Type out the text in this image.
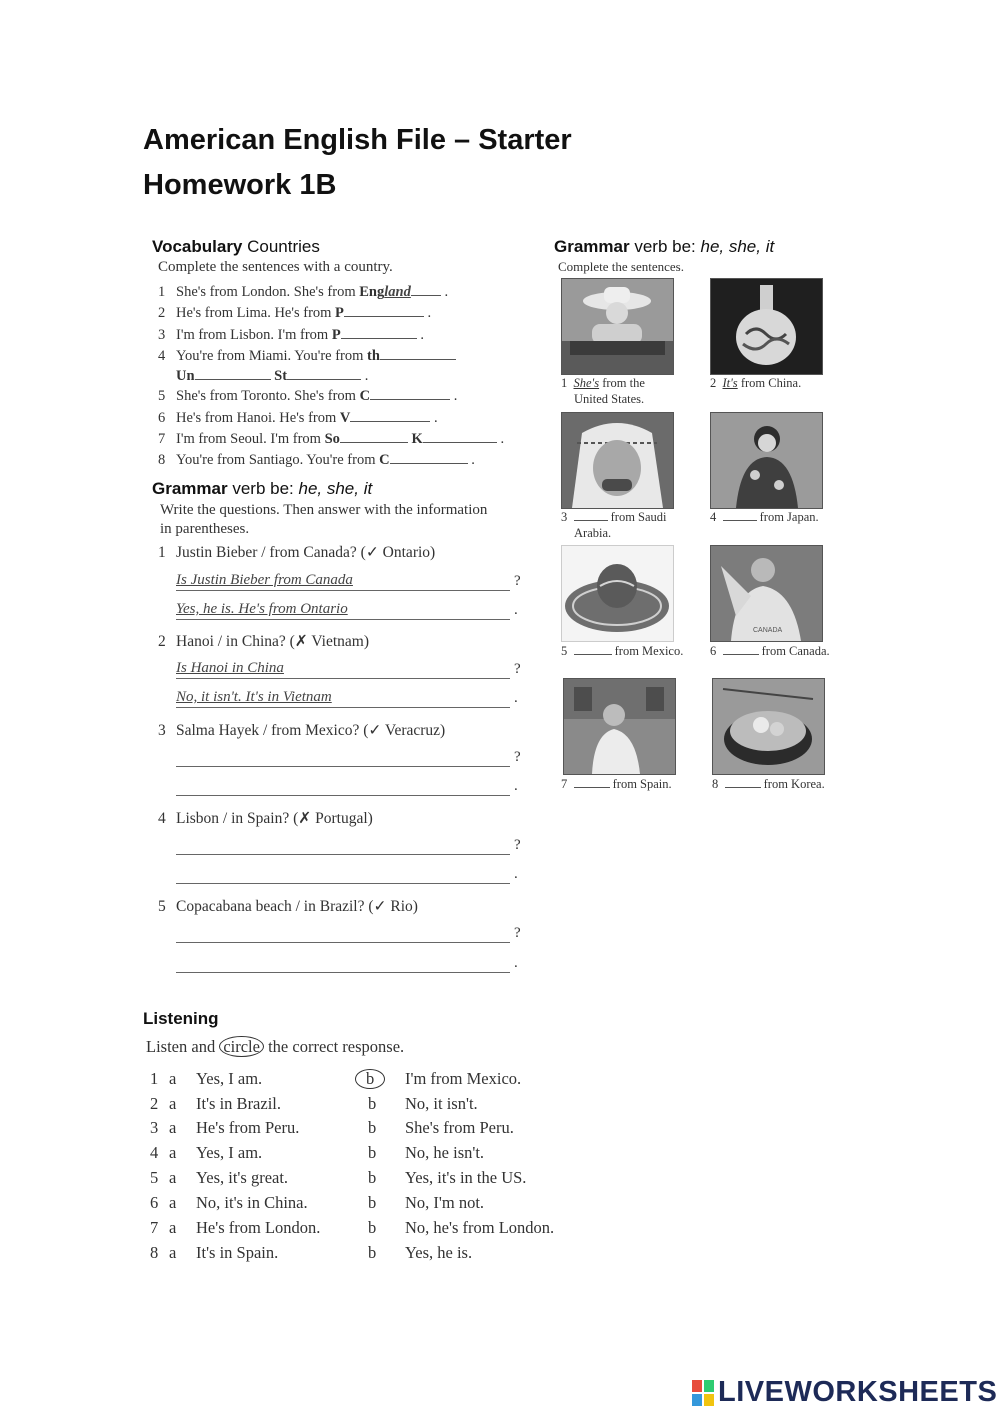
American English File – Starter
Homework 1B
Vocabulary Countries
Complete the sentences with a country.
1 She's from London. She's from England .
2 He's from Lima. He's from P	.
3 I'm from Lisbon. I'm from P	.
4 You're from Miami. You're from th
Un	St	.
5 She's from Toronto. She's from C	.
6 He's from Hanoi. He's from V	.
7 I'm from Seoul. I'm from So	K	.
8 You're from Santiago. You're from C	.
Grammar verb be: he, she, it
Write the questions. Then answer with the information
in parentheses.
1 Justin Bieber / from Canada? (✓ Ontario)
Is Justin Bieber from Canada	?
Yes, he is. He's from Ontario	.
2 Hanoi / in China? (✗ Vietnam)
Is Hanoi in China	?
No, it isn't. It's in Vietnam	.
3 Salma Hayek / from Mexico? (✓ Veracruz)
?
.
4 Lisbon / in Spain? (✗ Portugal)
?
.
5 Copacabana beach / in Brazil? (✓ Rio)
?
.
Grammar verb be: he, she, it
Complete the sentences.
1 She's from the
United States.
2 It's from China.
3	from Saudi
Arabia.
4	from Japan.
CANADA
5	from Mexico. 6	from Canada.
7	from Spain.	8	from Korea.
Listening
Listen and circle the correct response.
1 a Yes, I am.	b	I'm from Mexico.
2 a It's in Brazil.	b No, it isn't.
3 a He's from Peru.	b She's from Peru.
4 a Yes, I am.	b No, he isn't.
5 a Yes, it's great.	b Yes, it's in the US.
6 a No, it's in China.	b No, I'm not.
7 a He's from London.	b No, he's from London.
8 a It's in Spain.	b Yes, he is.
LIVEWORKSHEETS
